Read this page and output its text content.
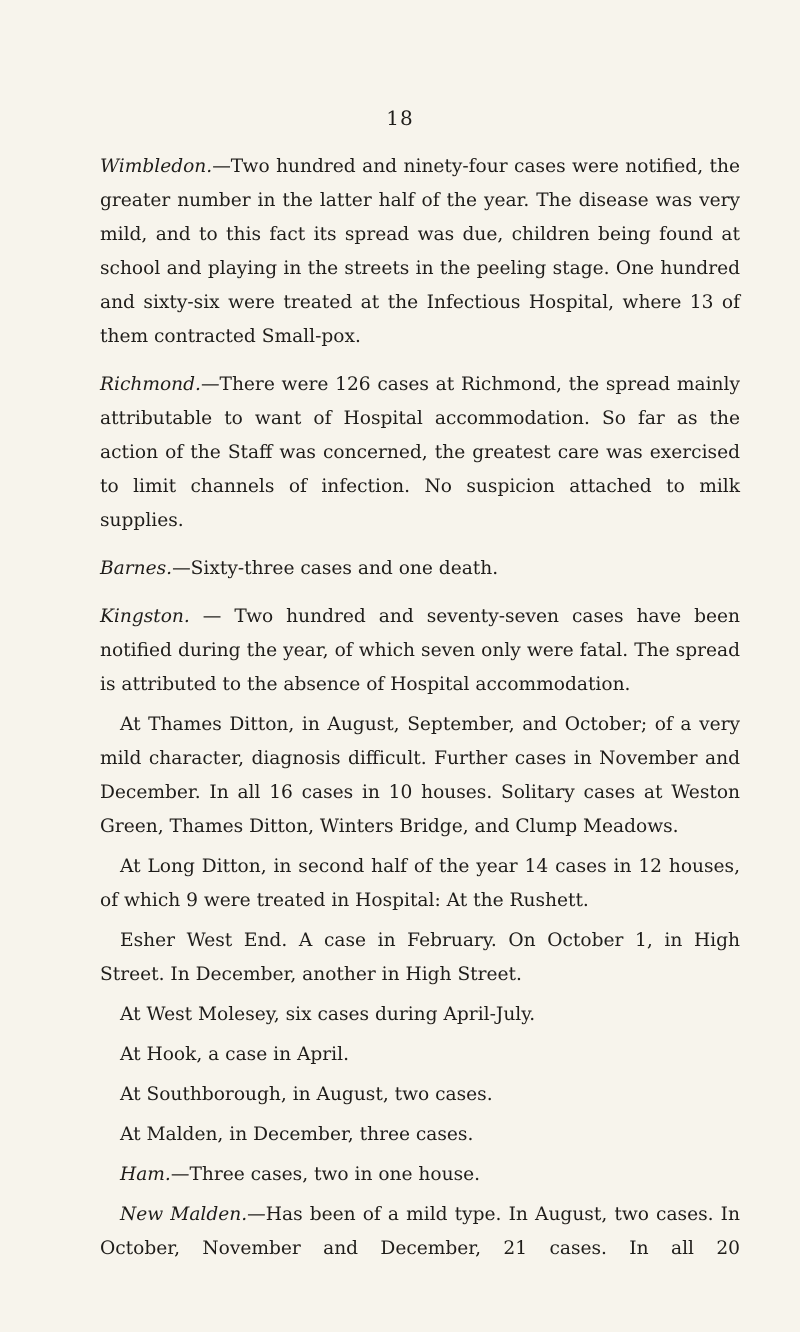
18

Wimbledon.—Two hundred and ninety-four cases were notified, the greater number in the latter half of the year. The disease was very mild, and to this fact its spread was due, children being found at school and playing in the streets in the peeling stage. One hundred and sixty-six were treated at the Infectious Hospital, where 13 of them contracted Small-pox.

Richmond.—There were 126 cases at Richmond, the spread mainly attributable to want of Hospital accommodation. So far as the action of the Staff was concerned, the greatest care was exercised to limit channels of infection. No suspicion attached to milk supplies.

Barnes.—Sixty-three cases and one death.

Kingston. — Two hundred and seventy-seven cases have been notified during the year, of which seven only were fatal. The spread is attributed to the absence of Hospital accommodation.

At Thames Ditton, in August, September, and October; of a very mild character, diagnosis difficult. Further cases in November and December. In all 16 cases in 10 houses. Solitary cases at Weston Green, Thames Ditton, Winters Bridge, and Clump Meadows.

At Long Ditton, in second half of the year 14 cases in 12 houses, of which 9 were treated in Hospital: At the Rushett.

Esher West End. A case in February. On October 1, in High Street. In December, another in High Street.

At West Molesey, six cases during April-July.

At Hook, a case in April.

At Southborough, in August, two cases.

At Malden, in December, three cases.

Ham.—Three cases, two in one house.

New Malden.—Has been of a mild type. In August, two cases. In October, November and December, 21 cases. In all 20
